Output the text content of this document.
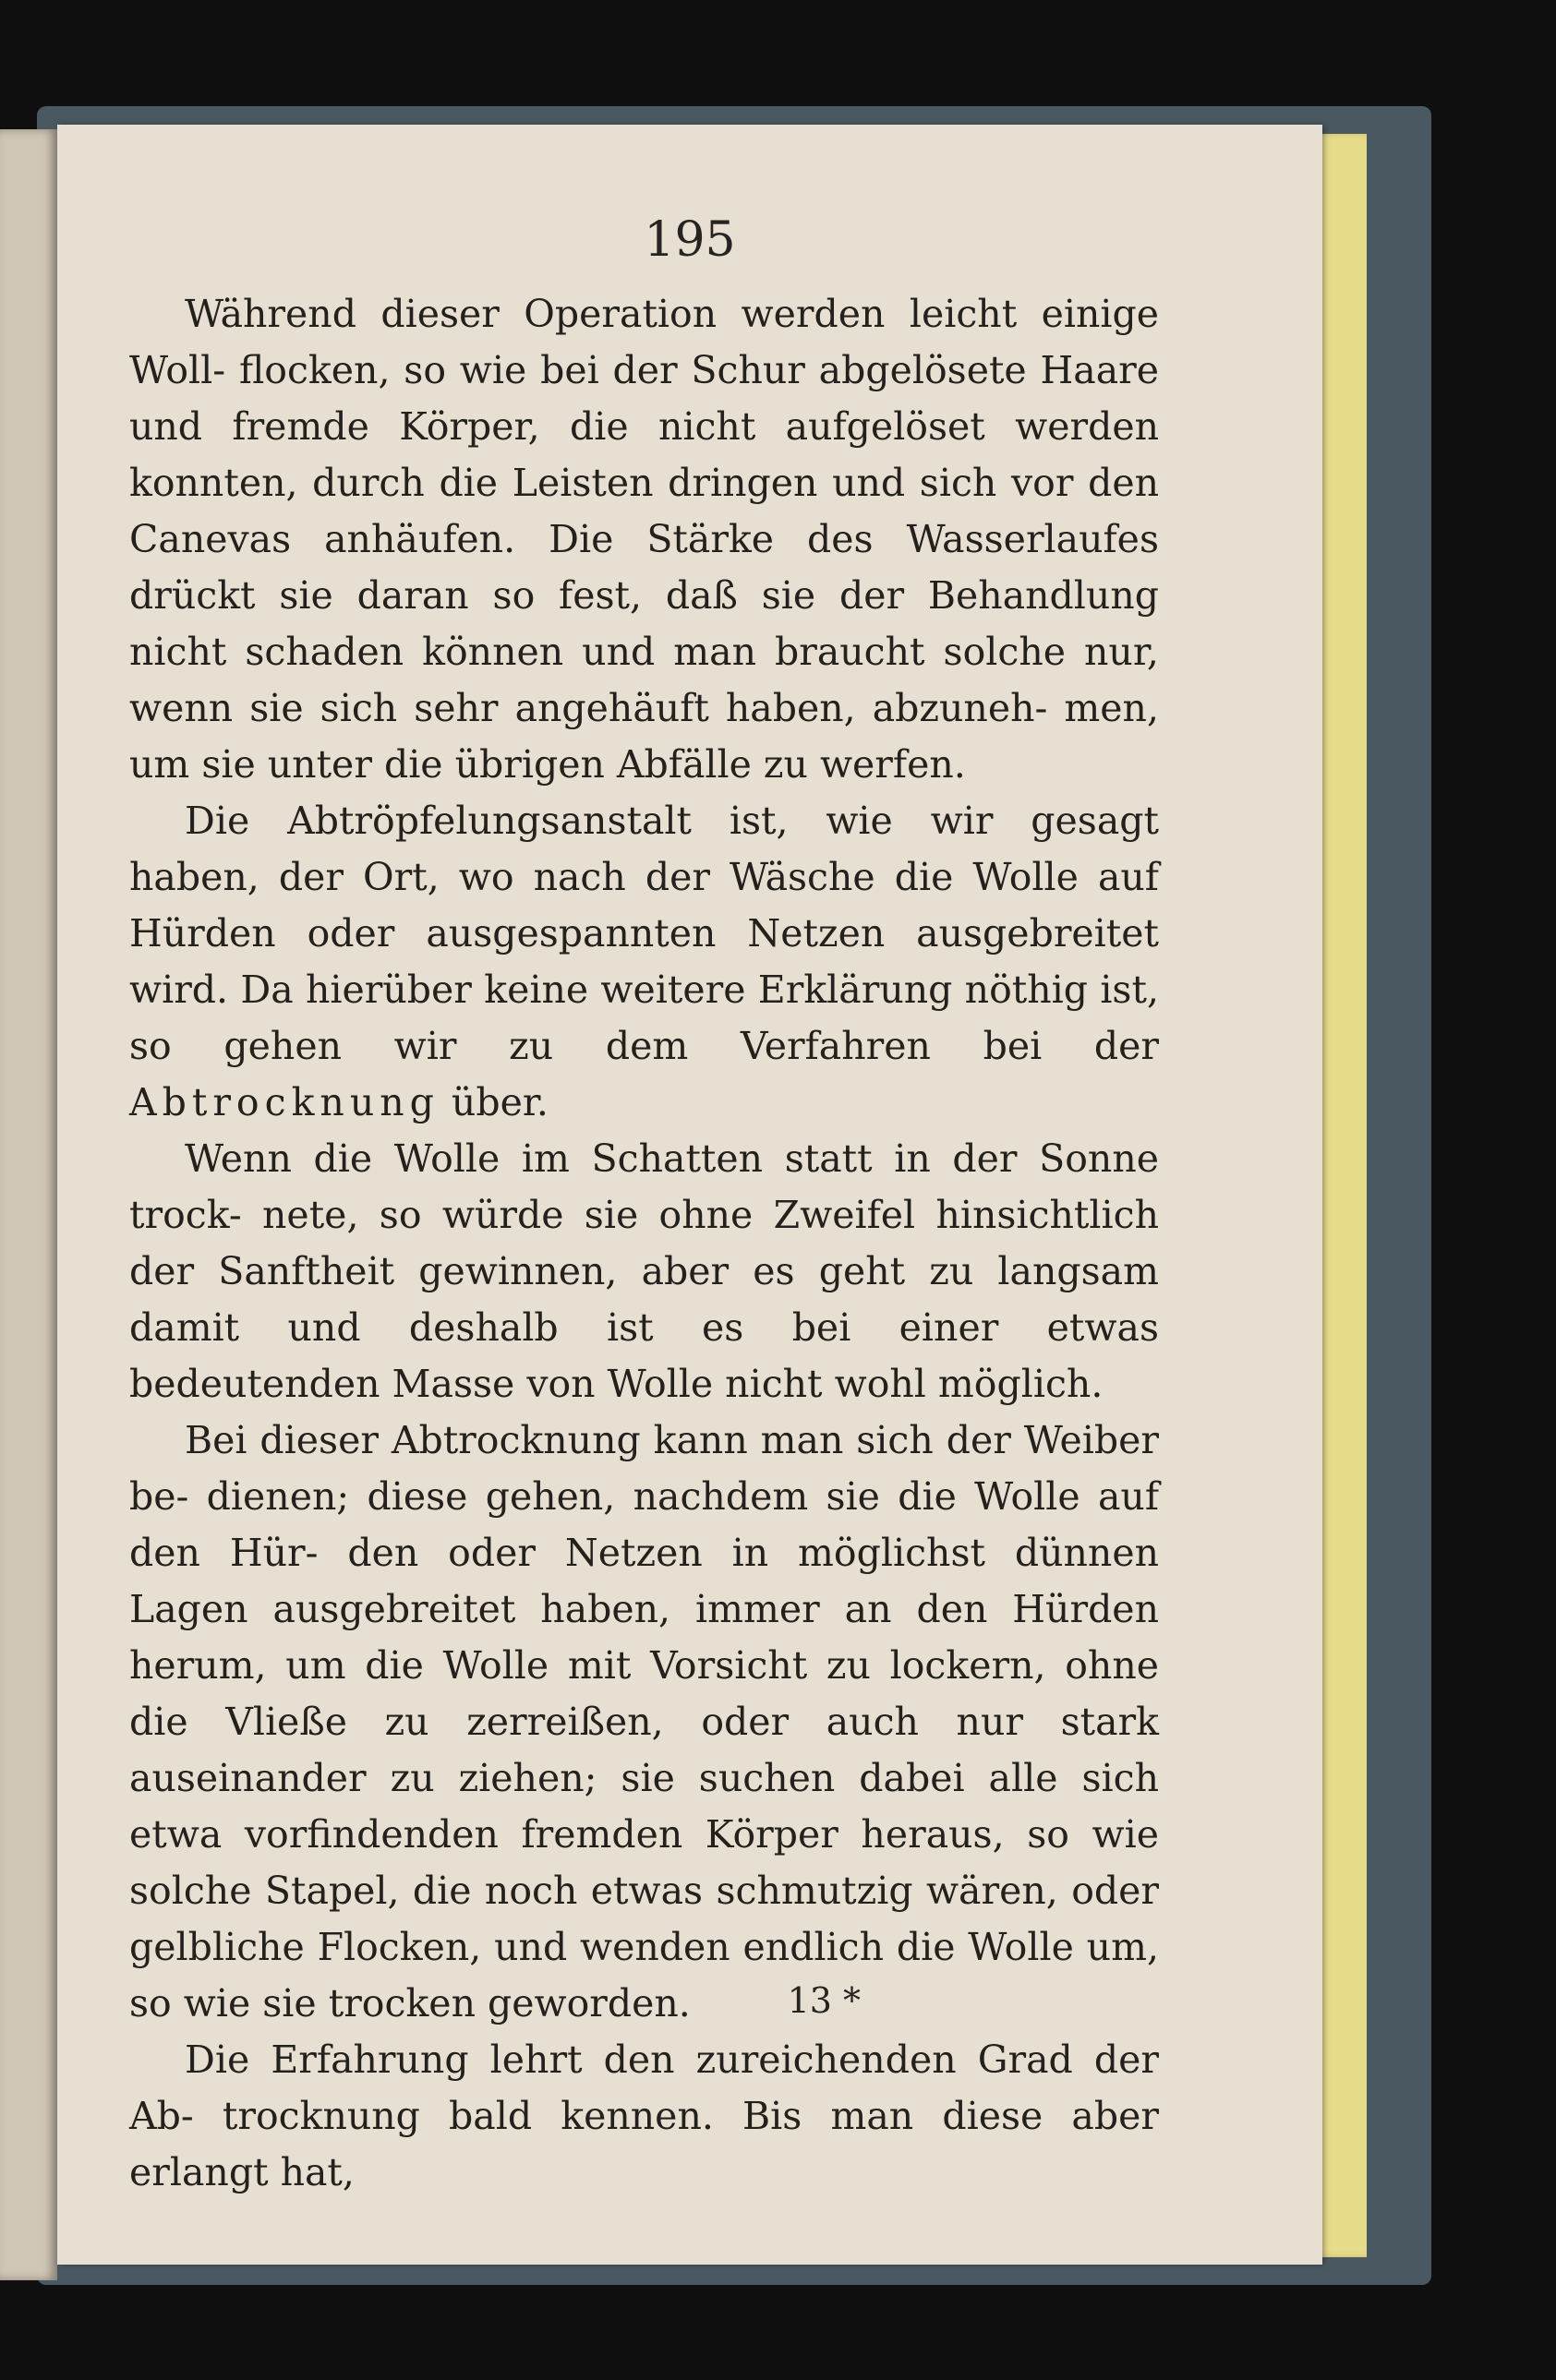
195

Während dieser Operation werden leicht einige Woll- flocken, so wie bei der Schur abgelösete Haare und fremde Körper, die nicht aufgelöset werden konnten, durch die Leisten dringen und sich vor den Canevas anhäufen. Die Stärke des Wasserlaufes drückt sie daran so fest, daß sie der Behandlung nicht schaden können und man braucht solche nur, wenn sie sich sehr angehäuft haben, abzuneh- men, um sie unter die übrigen Abfälle zu werfen.

Die Abtröpfelungsanstalt ist, wie wir gesagt haben, der Ort, wo nach der Wäsche die Wolle auf Hürden oder ausgespannten Netzen ausgebreitet wird. Da hierüber keine weitere Erklärung nöthig ist, so gehen wir zu dem Verfahren bei der Abtrocknung über.

Wenn die Wolle im Schatten statt in der Sonne trock- nete, so würde sie ohne Zweifel hinsichtlich der Sanftheit gewinnen, aber es geht zu langsam damit und deshalb ist es bei einer etwas bedeutenden Masse von Wolle nicht wohl möglich.

Bei dieser Abtrocknung kann man sich der Weiber be- dienen; diese gehen, nachdem sie die Wolle auf den Hür- den oder Netzen in möglichst dünnen Lagen ausgebreitet haben, immer an den Hürden herum, um die Wolle mit Vorsicht zu lockern, ohne die Vließe zu zerreißen, oder auch nur stark auseinander zu ziehen; sie suchen dabei alle sich etwa vorfindenden fremden Körper heraus, so wie solche Stapel, die noch etwas schmutzig wären, oder gelbliche Flocken, und wenden endlich die Wolle um, so wie sie trocken geworden.

Die Erfahrung lehrt den zureichenden Grad der Ab- trocknung bald kennen. Bis man diese aber erlangt hat,

13 *
